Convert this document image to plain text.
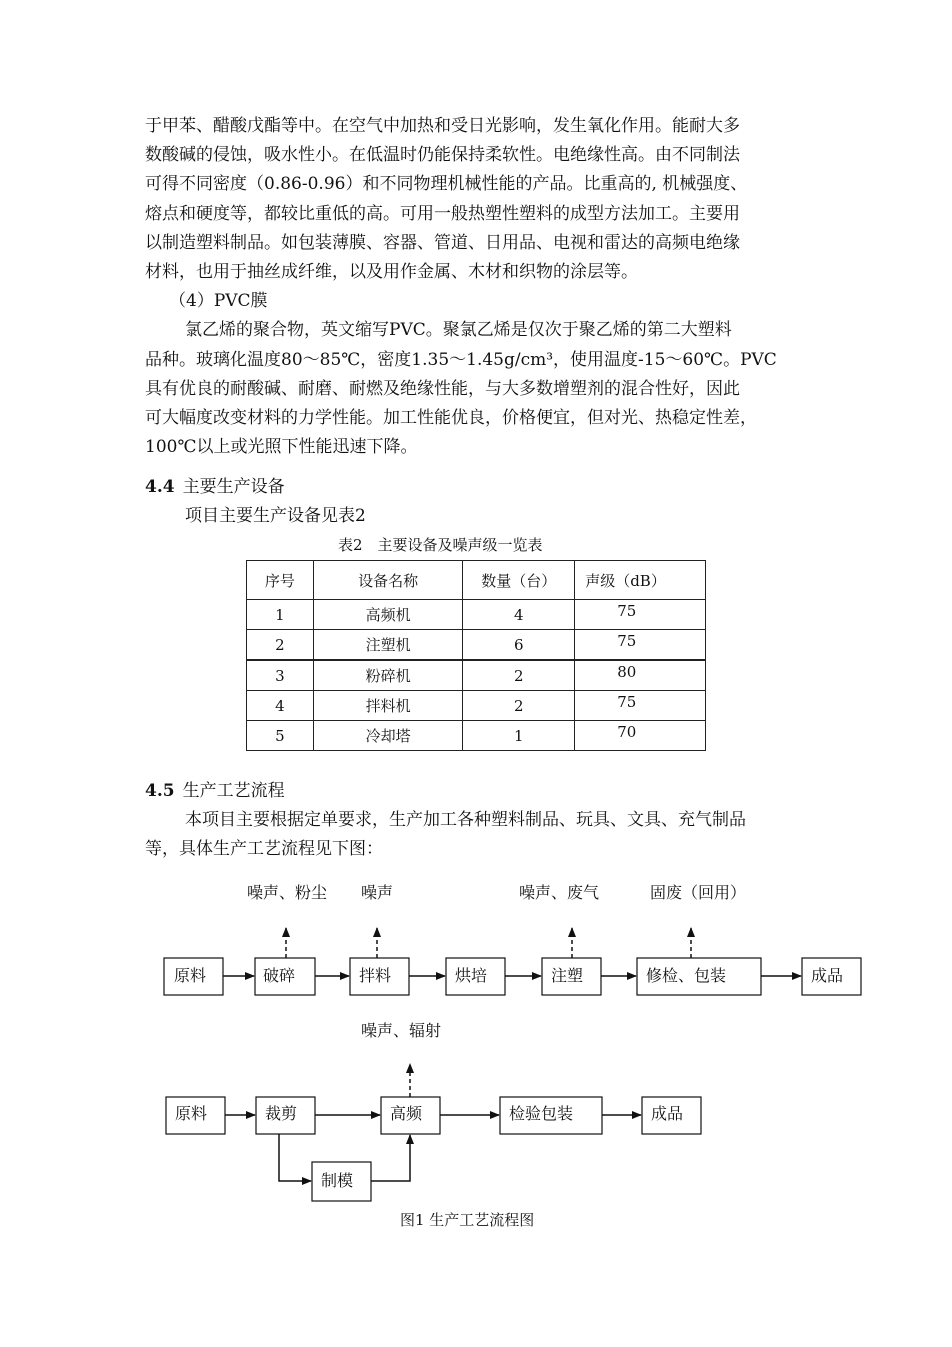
于甲苯、醋酸戊酯等中。在空气中加热和受日光影响，发生氧化作用。能耐大多
数酸碱的侵蚀，吸水性小。在低温时仍能保持柔软性。电绝缘性高。由不同制法
可得不同密度（0.86-0.96）和不同物理机械性能的产品。比重高的, 机械强度、
熔点和硬度等，都较比重低的高。可用一般热塑性塑料的成型方法加工。主要用
以制造塑料制品。如包装薄膜、容器、管道、日用品、电视和雷达的高频电绝缘
材料，也用于抽丝成纤维，以及用作金属、木材和织物的涂层等。
（4）PVC膜
氯乙烯的聚合物，英文缩写PVC。聚氯乙烯是仅次于聚乙烯的第二大塑料
品种。玻璃化温度80～85℃，密度1.35～1.45g/cm³，使用温度-15～60℃。PVC
具有优良的耐酸碱、耐磨、耐燃及绝缘性能，与大多数增塑剂的混合性好，因此
可大幅度改变材料的力学性能。加工性能优良，价格便宜，但对光、热稳定性差，
100℃以上或光照下性能迅速下降。

4.4 主要生产设备

项目主要生产设备见表2

表2　主要设备及噪声级一览表
序号	设备名称	数量（台）	声级（dB）
1	高频机	4	75
2	注塑机	6	75
3	粉碎机	2	80
4	拌料机	2	75
5	冷却塔	1	70

4.5 生产工艺流程

本项目主要根据定单要求，生产加工各种塑料制品、玩具、文具、充气制品
等，具体生产工艺流程见下图：
噪声、粉尘 噪声	噪声、废气	固废（回用）
原料	破碎	拌料	烘培	注塑	修检、包装	成品
噪声、辐射
原料	裁剪	高频	检验包装	成品
制模
图1 生产工艺流程图
